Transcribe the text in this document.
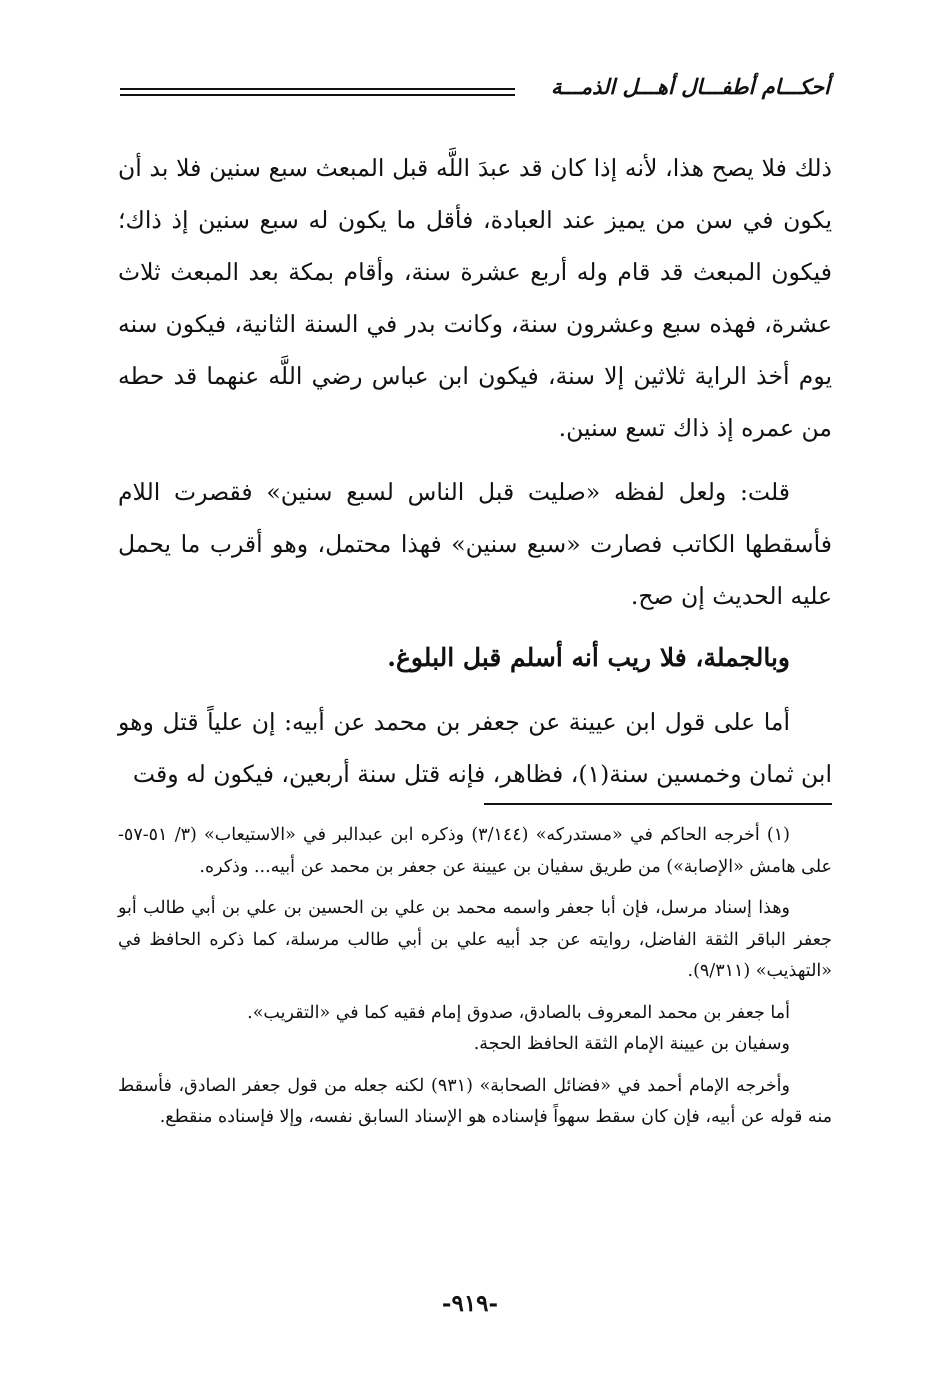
أحكـــام أطفـــال أهـــل الذمـــة

ذلك فلا يصح هذا، لأنه إذا كان قد عبدَ اللَّه قبل المبعث سبع سنين فلا بد أن يكون في سن من يميز عند العبادة، فأقل ما يكون له سبع سنين إذ ذاك؛ فيكون المبعث قد قام وله أربع عشرة سنة، وأقام بمكة بعد المبعث ثلاث عشرة، فهذه سبع وعشرون سنة، وكانت بدر في السنة الثانية، فيكون سنه يوم أخذ الراية ثلاثين إلا سنة، فيكون ابن عباس رضي اللَّه عنهما قد حطه من عمره إذ ذاك تسع سنين.

قلت: ولعل لفظه «صليت قبل الناس لسبع سنين» فقصرت اللام فأسقطها الكاتب فصارت «سبع سنين» فهذا محتمل، وهو أقرب ما يحمل عليه الحديث إن صح.

وبالجملة، فلا ريب أنه أسلم قبل البلوغ.

أما على قول ابن عيينة عن جعفر بن محمد عن أبيه: إن علياً قتل وهو ابن ثمان وخمسين سنة(١)، فظاهر، فإنه قتل سنة أربعين، فيكون له وقت

(١) أخرجه الحاكم في «مستدركه» (٣/١٤٤) وذكره ابن عبدالبر في «الاستيعاب» (٣/ ٥١-٥٧- على هامش «الإصابة») من طريق سفيان بن عيينة عن جعفر بن محمد عن أبيه... وذكره.

وهذا إسناد مرسل، فإن أبا جعفر واسمه محمد بن علي بن الحسين بن علي بن أبي طالب أبو جعفر الباقر الثقة الفاضل، روايته عن جد أبيه علي بن أبي طالب مرسلة، كما ذكره الحافظ في «التهذيب» (٩/٣١١).

أما جعفر بن محمد المعروف بالصادق، صدوق إمام فقيه كما في «التقريب».

وسفيان بن عيينة الإمام الثقة الحافظ الحجة.

وأخرجه الإمام أحمد في «فضائل الصحابة» (٩٣١) لكنه جعله من قول جعفر الصادق، فأسقط منه قوله عن أبيه، فإن كان سقط سهواً فإسناده هو الإسناد السابق نفسه، وإلا فإسناده منقطع.

-٩١٩-
